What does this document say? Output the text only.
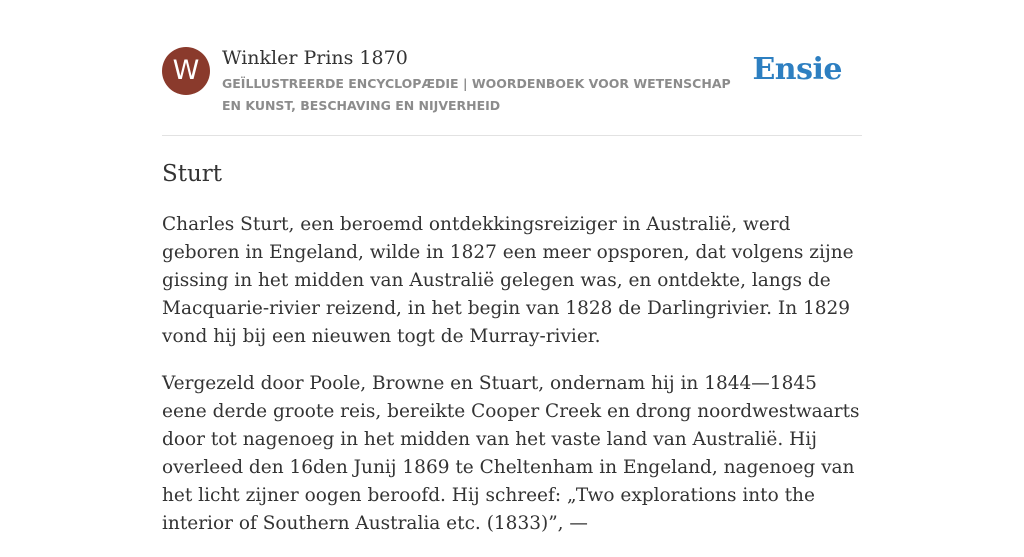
W	Winkler Prins 1870
GEÏLLUSTREERDE ENCYCLOPÆDIE | WOORDENBOEK VOOR WETENSCHAP EN KUNST, BESCHAVING EN NIJVERHEID
Ensie
Sturt

Charles Sturt, een beroemd ontdekkingsreiziger in Australië, werd geboren in Engeland, wilde in 1827 een meer opsporen, dat volgens zijne gissing in het midden van Australië gelegen was, en ontdekte, langs de Macquarie-rivier reizend, in het begin van 1828 de Darlingrivier. In 1829 vond hij bij een nieuwen togt de Murray-rivier.

Vergezeld door Poole, Browne en Stuart, ondernam hij in 1844—1845 eene derde groote reis, bereikte Cooper Creek en drong noordwestwaarts door tot nagenoeg in het midden van het vaste land van Australië. Hij overleed den 16den Junij 1869 te Cheltenham in Engeland, nagenoeg van het licht zijner oogen beroofd. Hij schreef: „Two explorations into the interior of Southern Australia etc. (1833)”, —
